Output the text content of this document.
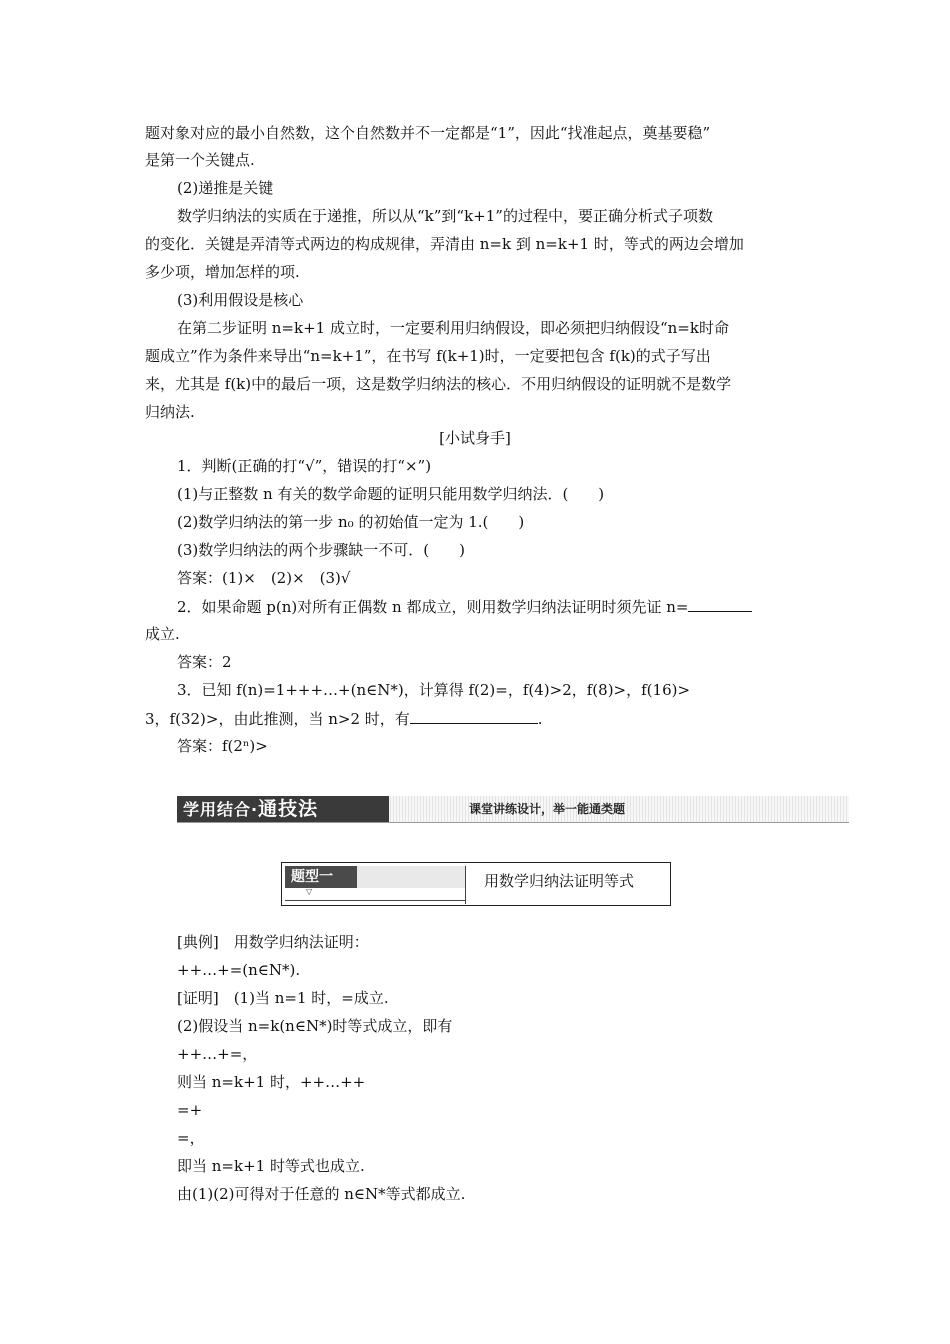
题对象对应的最小自然数，这个自然数并不一定都是“1”，因此“找准起点，奠基要稳”
是第一个关键点.
(2)递推是关键
数学归纳法的实质在于递推，所以从“k”到“k+1”的过程中，要正确分析式子项数
的变化．关键是弄清等式两边的构成规律，弄清由 n=k 到 n=k+1 时，等式的两边会增加
多少项，增加怎样的项.
(3)利用假设是核心
在第二步证明 n=k+1 成立时，一定要利用归纳假设，即必须把归纳假设“n=k时命
题成立”作为条件来导出“n=k+1”，在书写 f(k+1)时，一定要把包含 f(k)的式子写出
来，尤其是 f(k)中的最后一项，这是数学归纳法的核心．不用归纳假设的证明就不是数学
归纳法.
[小试身手]
1．判断(正确的打“√”，错误的打“×”)
(1)与正整数 n 有关的数学命题的证明只能用数学归纳法．(　　)
(2)数学归纳法的第一步 n₀ 的初始值一定为 1.(　　)
(3)数学归纳法的两个步骤缺一不可．(　　)
答案：(1)×　(2)×　(3)√
2．如果命题 p(n)对所有正偶数 n 都成立，则用数学归纳法证明时须先证 n=
成立.
答案：2
3．已知 f(n)=1+++…+(n∈N*)，计算得 f(2)=，f(4)>2，f(8)>，f(16)>
3，f(32)>，由此推测，当 n>2 时，有	.
答案：f(2ⁿ)>
学用结合·通技法	课堂讲练设计，举一能通类题
题型一
▽
用数学归纳法证明等式
[典例]　用数学归纳法证明：
++…+=(n∈N*).
[证明]　(1)当 n=1 时，=成立.
(2)假设当 n=k(n∈N*)时等式成立，即有
++…+=，
则当 n=k+1 时，++…++
=+
=，
即当 n=k+1 时等式也成立.
由(1)(2)可得对于任意的 n∈N*等式都成立.
